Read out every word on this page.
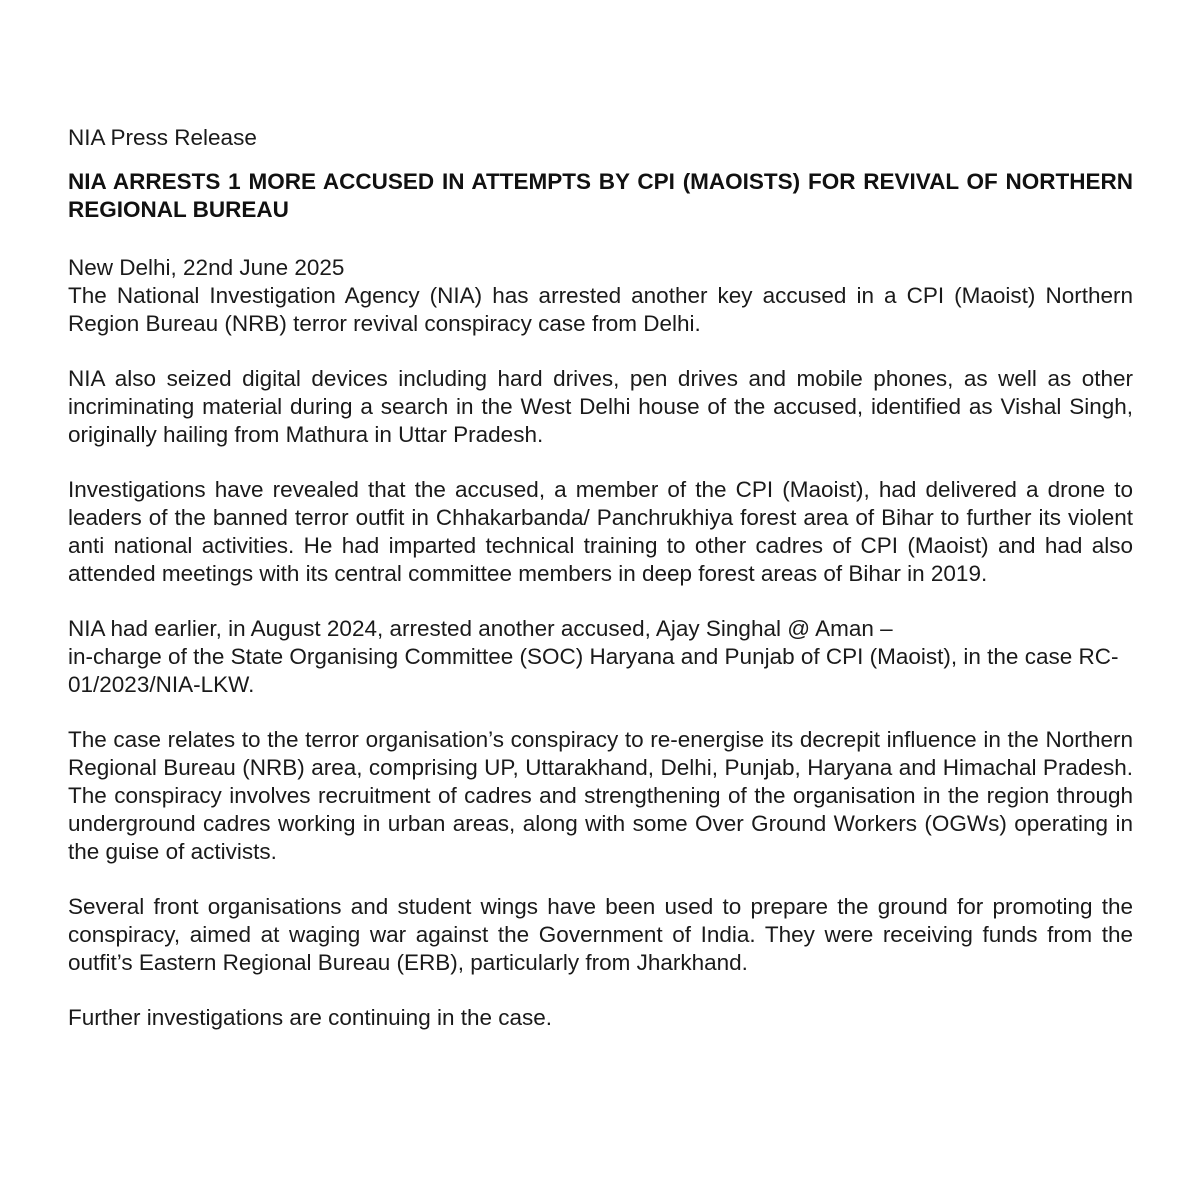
NIA Press Release

NIA ARRESTS 1 MORE ACCUSED IN ATTEMPTS BY CPI (MAOISTS) FOR REVIVAL OF NORTHERN REGIONAL BUREAU

New Delhi, 22nd June 2025

The National Investigation Agency (NIA) has arrested another key accused in a CPI (Maoist) Northern Region Bureau (NRB) terror revival conspiracy case from Delhi.

NIA also seized digital devices including hard drives, pen drives and mobile phones, as well as other incriminating material during a search in the West Delhi house of the accused, identified as Vishal Singh, originally hailing from Mathura in Uttar Pradesh.

Investigations have revealed that the accused, a member of the CPI (Maoist), had delivered a drone to leaders of the banned terror outfit in Chhakarbanda/ Panchrukhiya forest area of Bihar to further its violent anti national activities. He had imparted technical training to other cadres of CPI (Maoist) and had also attended meetings with its central committee members in deep forest areas of Bihar in 2019.

NIA had earlier, in August 2024, arrested another accused, Ajay Singhal @ Aman –
in-charge of the State Organising Committee (SOC) Haryana and Punjab of CPI (Maoist), in the case RC-01/2023/NIA-LKW.

The case relates to the terror organisation’s conspiracy to re-energise its decrepit influence in the Northern Regional Bureau (NRB) area, comprising UP, Uttarakhand, Delhi, Punjab, Haryana and Himachal Pradesh. The conspiracy involves recruitment of cadres and strengthening of the organisation in the region through underground cadres working in urban areas, along with some Over Ground Workers (OGWs) operating in the guise of activists.

Several front organisations and student wings have been used to prepare the ground for promoting the conspiracy, aimed at waging war against the Government of India. They were receiving funds from the outfit’s Eastern Regional Bureau (ERB), particularly from Jharkhand.

Further investigations are continuing in the case.
